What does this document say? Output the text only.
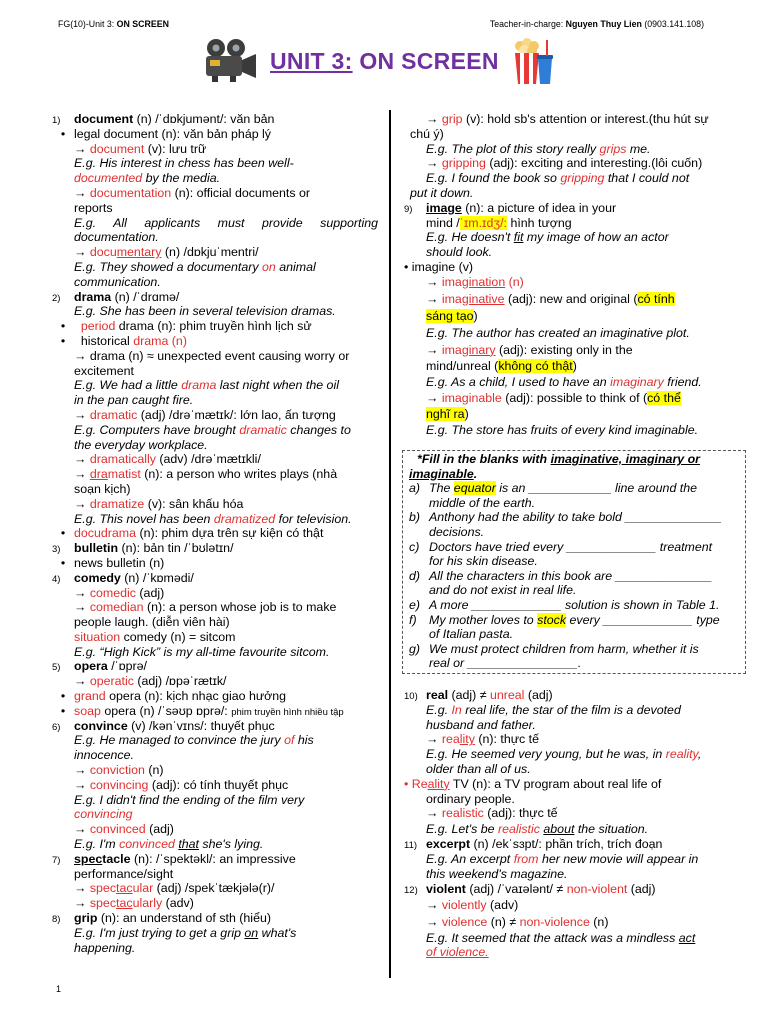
FG(10)-Unit 3: ON SCREEN	Teacher-in-charge: Nguyen Thuy Lien (0903.141.108)
UNIT 3: ON SCREEN
1) document (n) /ˈdɒkjumənt/: văn bản
• legal document (n): văn bản pháp lý
→ document (v): lưu trữ
E.g. His interest in chess has been well-
documented by the media.
→ documentation (n): official documents or
reports
E.g. All applicants must provide supporting
documentation.
→ documentary (n) /dɒkjuˈmentri/
E.g. They showed a documentary on animal
communication.
2) drama (n) /ˈdrɑmə/
E.g. She has been in several television dramas.
• period drama (n): phim truyền hình lịch sử
• historical drama (n)
→ drama (n) ≈ unexpected event causing worry or
excitement
E.g. We had a little drama last night when the oil
in the pan caught fire.
→ dramatic (adj) /drəˈmætɪk/: lớn lao, ấn tượng
E.g. Computers have brought dramatic changes to
the everyday workplace.
→ dramatically (adv) /drəˈmætɪkli/
→ dramatist (n): a person who writes plays (nhà
soạn kịch)
→ dramatize (v): sân khấu hóa
E.g. This novel has been dramatized for television.
• docudrama (n): phim dựa trên sự kiện có thật
3) bulletin (n): bản tin /ˈbʊlətɪn/
• news bulletin (n)
4) comedy (n) /ˈkɒmədi/
→ comedic (adj)
→ comedian (n): a person whose job is to make
people laugh. (diễn viên hài)
situation comedy (n) = sitcom
E.g. “High Kick” is my all-time favourite sitcom.
5) opera /ˈɒprə/
→ operatic (adj) /ɒpəˈrætɪk/
• grand opera (n): kịch nhạc giao hưởng
• soap opera (n) /ˈsəʊp ɒprə/: phim truyền hình nhiều tập
6) convince (v) /kənˈvɪns/: thuyết phục
E.g. He managed to convince the jury of his
innocence.
→ conviction (n)
→ convincing (adj): có tính thuyết phục
E.g. I didn't find the ending of the film very
convincing
→ convinced (adj)
E.g. I'm convinced that she's lying.
7) spectacle (n): /ˈspektəkl/: an impressive
performance/sight
→ spectacular (adj) /spekˈtækjələ(r)/
→ spectacularly (adv)
8) grip (n): an understand of sth (hiểu)
E.g. I'm just trying to get a grip on what's
happening.
→ grip (v): hold sb's attention or interest.(thu hút sự
chú ý)
E.g. The plot of this story really grips me.
→ gripping (adj): exciting and interesting.(lôi cuốn)
E.g. I found the book so gripping that I could not
put it down.
9) image (n): a picture of idea in your
mind /ˈɪm.ɪdʒ/: hình tượng
E.g. He doesn't fit my image of how an actor
should look.
• imagine (v)
→ imagination (n)
→ imaginative (adj): new and original (có tính
sáng tạo)
E.g. The author has created an imaginative plot.
→ imaginary (adj): existing only in the
mind/unreal (không có thật)
E.g. As a child, I used to have an imaginary friend.
→ imaginable (adj): possible to think of (có thể
nghĩ ra)
E.g. The store has fruits of every kind imaginable.
*Fill in the blanks with imaginative, imaginary or
imaginable.
a) The equator is an ____________ line around the
middle of the earth.
b) Anthony had the ability to take bold ______________
decisions.
c) Doctors have tried every _____________ treatment
for his skin disease.
d) All the characters in this book are ______________
and do not exist in real life.
e) A more _____________ solution is shown in Table 1.
f) My mother loves to stock every _____________ type
of Italian pasta.
g) We must protect children from harm, whether it is
real or ________________.
10) real (adj) ≠ unreal (adj)
E.g. In real life, the star of the film is a devoted
husband and father.
→ reality (n): thực tế
E.g. He seemed very young, but he was, in reality,
older than all of us.
• Reality TV (n): a TV program about real life of
ordinary people.
→ realistic (adj): thực tế
E.g. Let's be realistic about the situation.
11) excerpt (n) /ekˈsɜpt/: phần trích, trích đoạn
E.g. An excerpt from her new movie will appear in
this weekend's magazine.
12) violent (adj) /ˈvaɪələnt/ ≠ non-violent (adj)
→ violently (adv)
→ violence (n) ≠ non-violence (n)
E.g. It seemed that the attack was a mindless act
of violence.
1
